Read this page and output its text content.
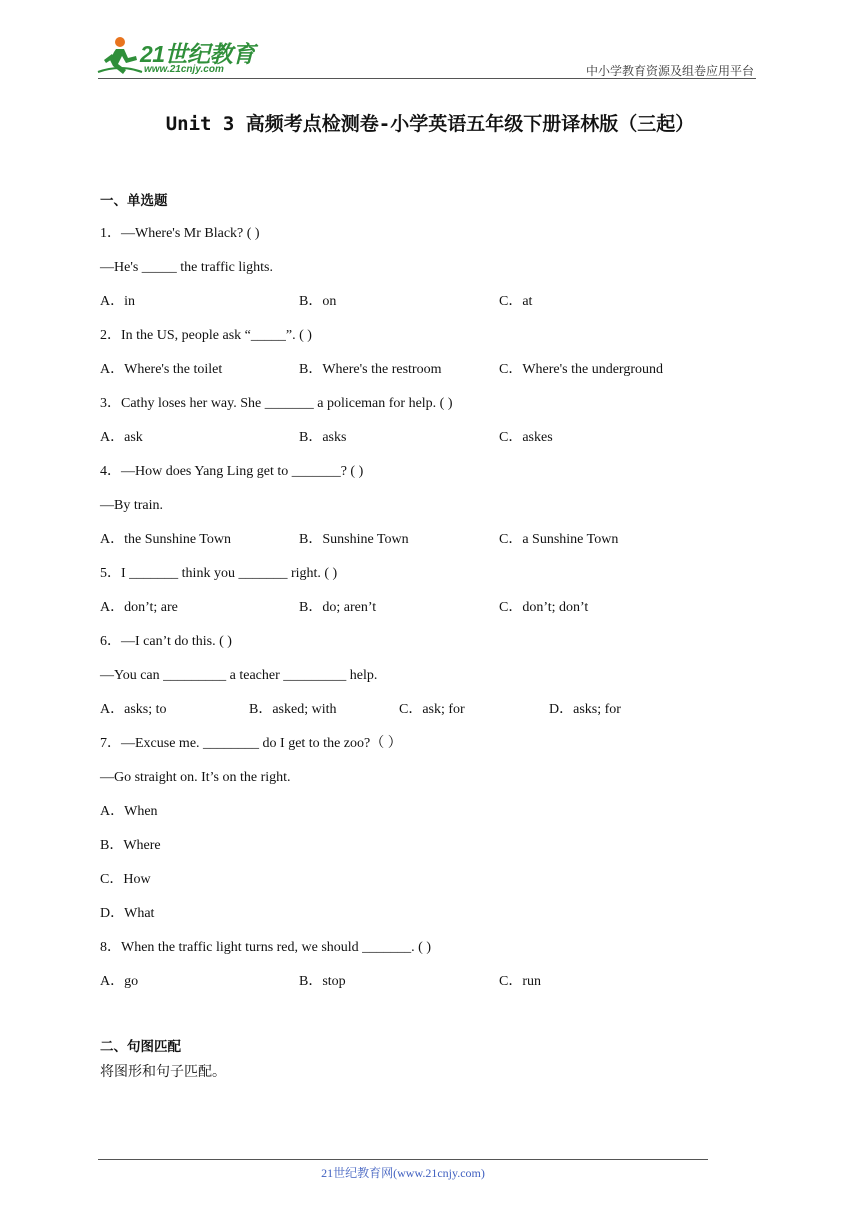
21世纪教育
www.21cnjy.com	中小学教育资源及组卷应用平台
Unit 3 高频考点检测卷-小学英语五年级下册译林版（三起）
一、单选题
1．—Where's Mr Black? ( )
—He's _____ the traffic lights.
A．in	B．on	C．at
2．In the US, people ask “_____”. ( )
A．Where's the toilet	B．Where's the restroom	C．Where's the underground
3．Cathy loses her way. She _______ a policeman for help. ( )
A．ask	B．asks	C．askes
4．—How does Yang Ling get to _______? ( )
—By train.
A．the Sunshine Town	B．Sunshine Town	C．a Sunshine Town
5．I _______ think you _______ right. ( )
A．don’t; are	B．do; aren’t	C．don’t; don’t
6．—I can’t do this. ( )
—You can _________ a teacher _________ help.
A．asks; to	B．asked; with	C．ask; for	D．asks; for
7．—Excuse me. ________ do I get to the zoo?（ ）
—Go straight on. It’s on the right.
A．When
B．Where
C．How
D．What
8．When the traffic light turns red, we should _______. ( )
A．go	B．stop	C．run
二、句图匹配
将图形和句子匹配。
21世纪教育网(www.21cnjy.com)
